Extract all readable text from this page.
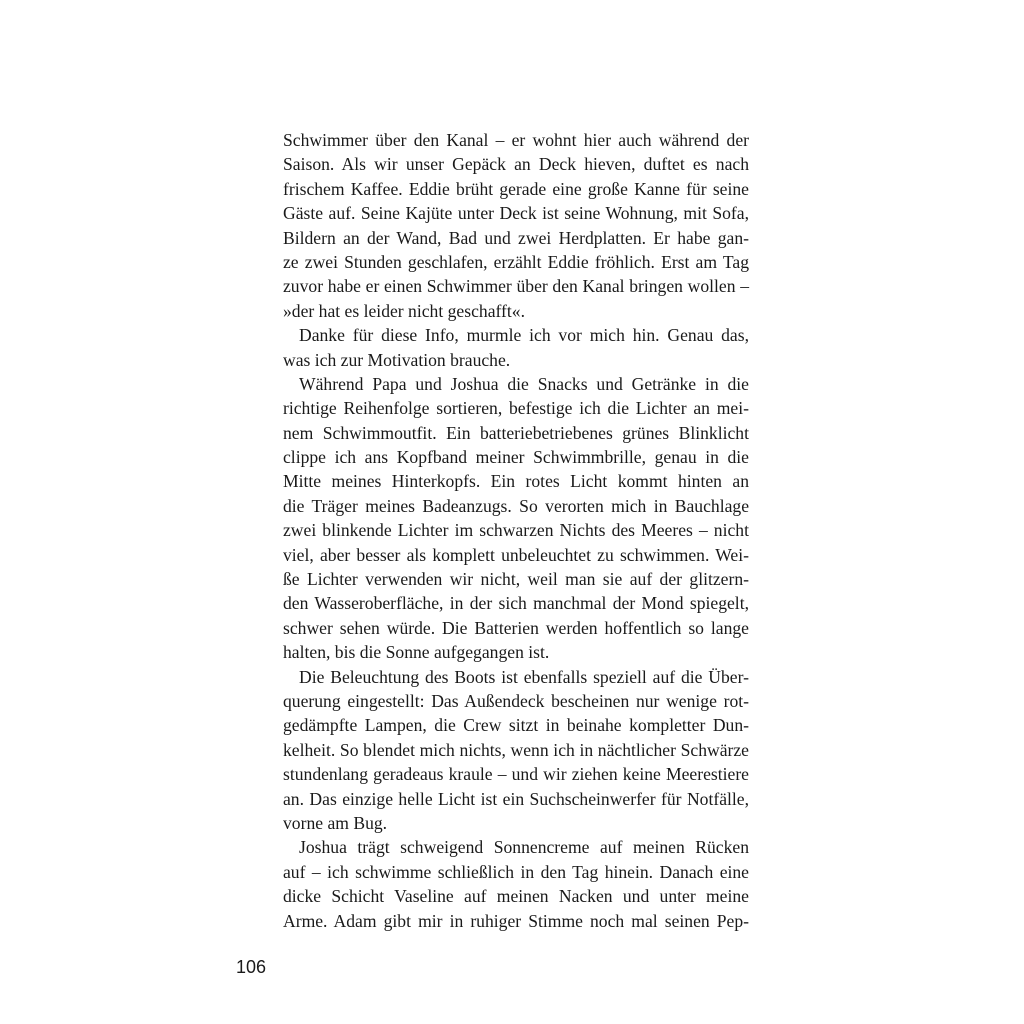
Schwimmer über den Kanal – er wohnt hier auch während der
Saison. Als wir unser Gepäck an Deck hieven, duftet es nach
frischem Kaffee. Eddie brüht gerade eine große Kanne für seine
Gäste auf. Seine Kajüte unter Deck ist seine Wohnung, mit Sofa,
Bildern an der Wand, Bad und zwei Herdplatten. Er habe gan-
ze zwei Stunden geschlafen, erzählt Eddie fröhlich. Erst am Tag
zuvor habe er einen Schwimmer über den Kanal bringen wollen –
»der hat es leider nicht geschafft«.
Danke für diese Info, murmle ich vor mich hin. Genau das,
was ich zur Motivation brauche.
Während Papa und Joshua die Snacks und Getränke in die
richtige Reihenfolge sortieren, befestige ich die Lichter an mei-
nem Schwimmoutfit. Ein batteriebetriebenes grünes Blinklicht
clippe ich ans Kopfband meiner Schwimmbrille, genau in die
Mitte meines Hinterkopfs. Ein rotes Licht kommt hinten an
die Träger meines Badeanzugs. So verorten mich in Bauchlage
zwei blinkende Lichter im schwarzen Nichts des Meeres – nicht
viel, aber besser als komplett unbeleuchtet zu schwimmen. Wei-
ße Lichter verwenden wir nicht, weil man sie auf der glitzern-
den Wasseroberfläche, in der sich manchmal der Mond spiegelt,
schwer sehen würde. Die Batterien werden hoffentlich so lange
halten, bis die Sonne aufgegangen ist.
Die Beleuchtung des Boots ist ebenfalls speziell auf die Über-
querung eingestellt: Das Außendeck bescheinen nur wenige rot-
gedämpfte Lampen, die Crew sitzt in beinahe kompletter Dun-
kelheit. So blendet mich nichts, wenn ich in nächtlicher Schwärze
stundenlang geradeaus kraule – und wir ziehen keine Meerestiere
an. Das einzige helle Licht ist ein Suchscheinwerfer für Notfälle,
vorne am Bug.
Joshua trägt schweigend Sonnencreme auf meinen Rücken
auf – ich schwimme schließlich in den Tag hinein. Danach eine
dicke Schicht Vaseline auf meinen Nacken und unter meine
Arme. Adam gibt mir in ruhiger Stimme noch mal seinen Pep-
106
